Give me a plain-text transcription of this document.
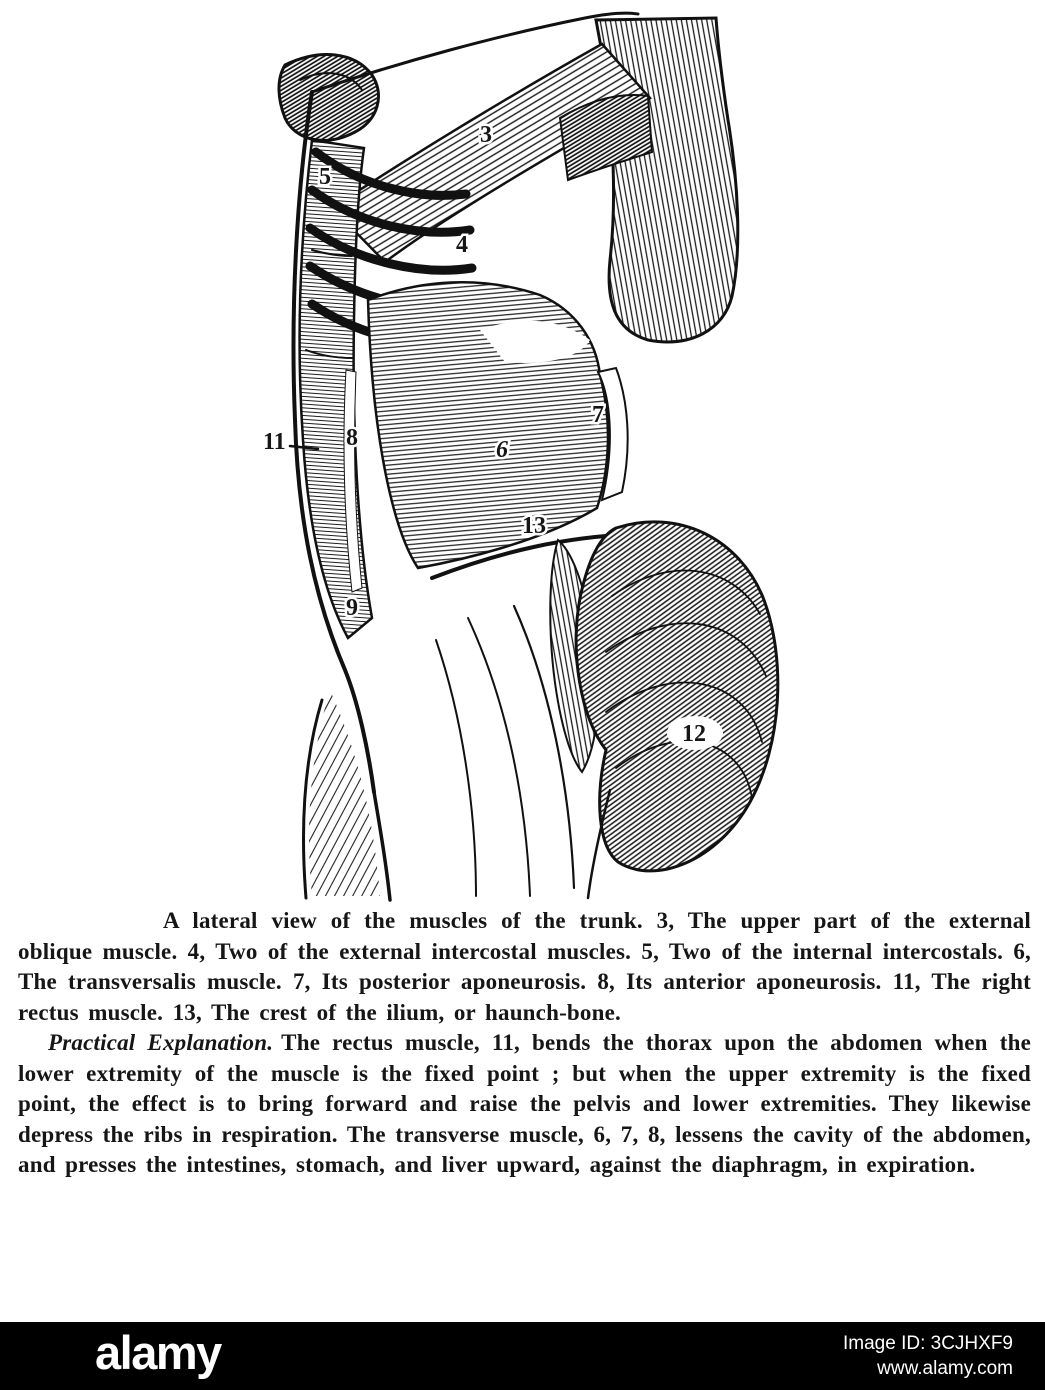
3
5
4
7
11	8	6
13
9
12

A lateral view of the muscles of the trunk. 3, The upper part of the external oblique muscle. 4, Two of the external intercostal muscles. 5, Two of the internal intercostals. 6, The transversalis muscle. 7, Its posterior aponeurosis. 8, Its anterior aponeurosis. 11, The right rectus muscle. 13, The crest of the ilium, or haunch-bone.

Practical Explanation. The rectus muscle, 11, bends the thorax upon the abdomen when the lower extremity of the muscle is the fixed point ; but when the upper extremity is the fixed point, the effect is to bring forward and raise the pelvis and lower extremities. They likewise depress the ribs in respiration. The transverse muscle, 6, 7, 8, lessens the cavity of the abdomen, and presses the intestines, stomach, and liver upward, against the diaphragm, in expiration.

alamy	Image ID: 3CJHXF9
www.alamy.com
